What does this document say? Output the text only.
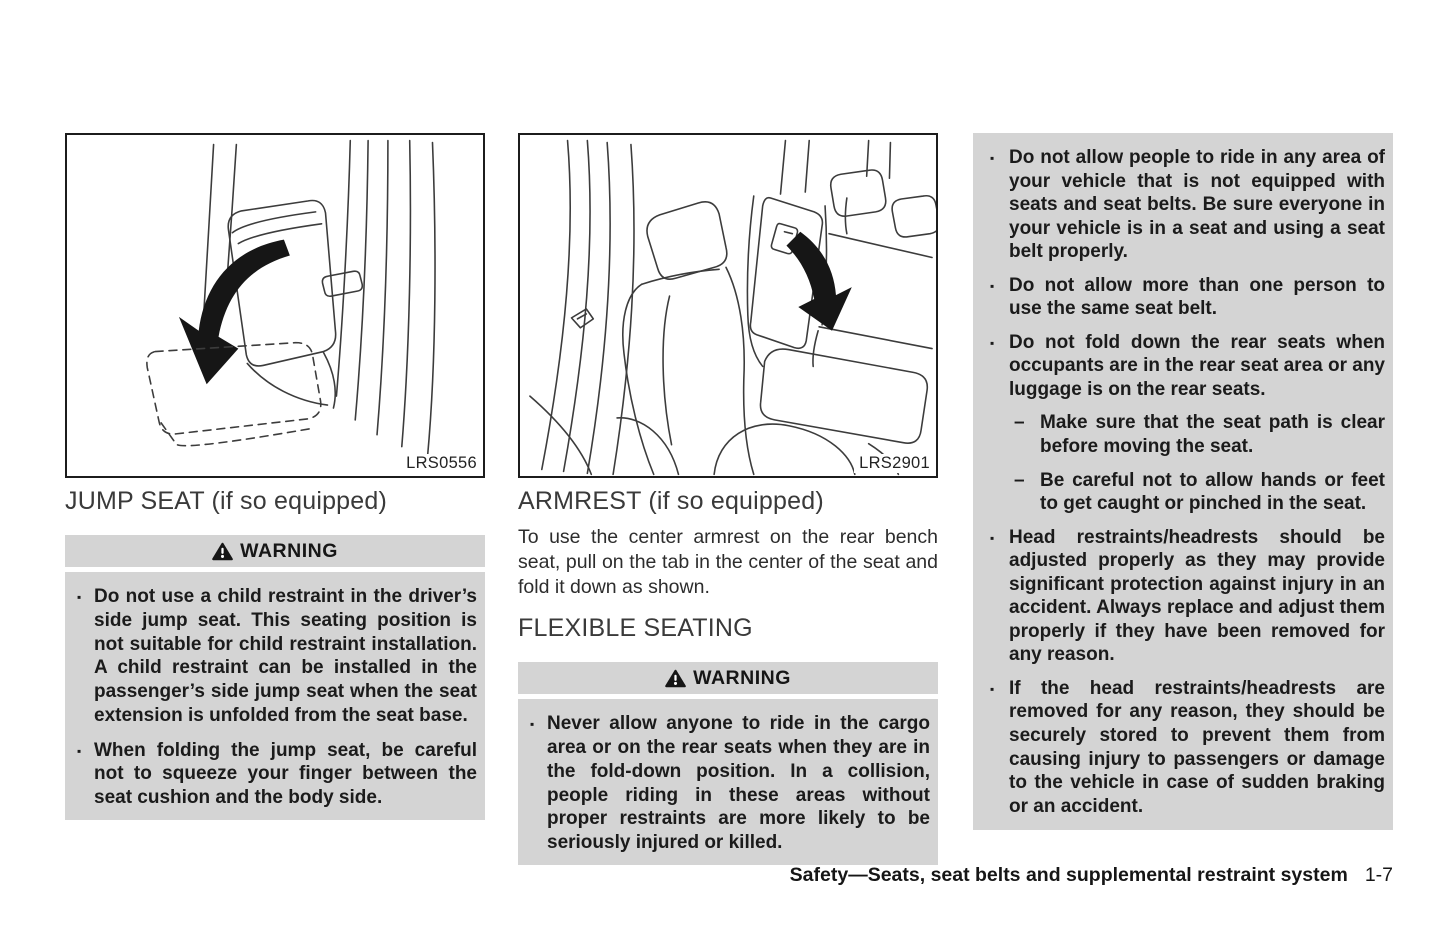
LRS0556
JUMP SEAT (if so equipped)
WARNING
▪ Do not use a child restraint in the driver’s side jump seat. This seating position is not suitable for child restraint installation. A child restraint can be installed in the passenger’s side jump seat when the seat extension is unfolded from the seat base.
▪ When folding the jump seat, be careful not to squeeze your finger between the seat cushion and the body side.
LRS2901
ARMREST (if so equipped)
To use the center armrest on the rear bench seat, pull on the tab in the center of the seat and fold it down as shown.
FLEXIBLE SEATING
WARNING
▪ Never allow anyone to ride in the cargo area or on the rear seats when they are in the fold-down position. In a collision, people riding in these areas without proper restraints are more likely to be seriously injured or killed.
▪ Do not allow people to ride in any area of your vehicle that is not equipped with seats and seat belts. Be sure everyone in your vehicle is in a seat and using a seat belt properly.
▪ Do not allow more than one person to use the same seat belt.
▪ Do not fold down the rear seats when occupants are in the rear seat area or any luggage is on the rear seats.
– Make sure that the seat path is clear before moving the seat.
– Be careful not to allow hands or feet to get caught or pinched in the seat.
▪ Head restraints/headrests should be adjusted properly as they may provide significant protection against injury in an accident. Always replace and adjust them properly if they have been removed for any reason.
▪ If the head restraints/headrests are removed for any reason, they should be securely stored to prevent them from causing injury to passengers or damage to the vehicle in case of sudden braking or an accident.
Safety—Seats, seat belts and supplemental restraint system 1-7
